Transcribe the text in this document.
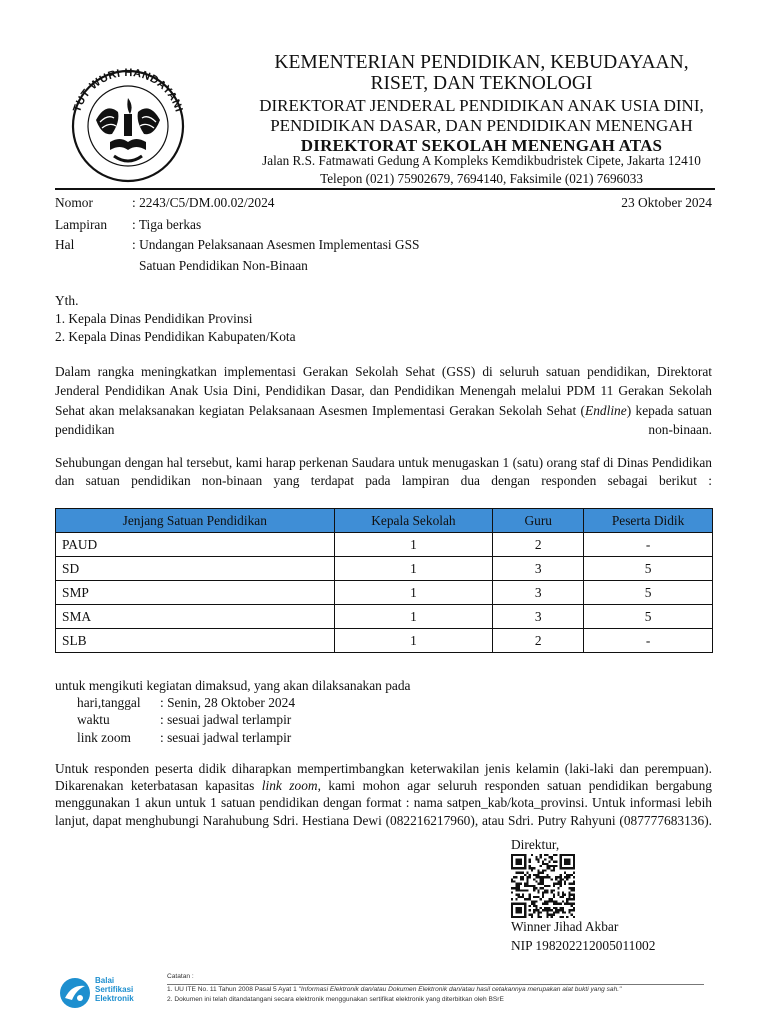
TUT WURI HANDAYANI
KEMENTERIAN PENDIDIKAN, KEBUDAYAAN,
RISET, DAN TEKNOLOGI
DIREKTORAT JENDERAL PENDIDIKAN ANAK USIA DINI,
PENDIDIKAN DASAR, DAN PENDIDIKAN MENENGAH
DIREKTORAT SEKOLAH MENENGAH ATAS
Jalan R.S. Fatmawati Gedung A Kompleks Kemdikbudristek Cipete, Jakarta 12410
Telepon (021) 75902679, 7694140, Faksimile (021) 7696033
Nomor	: 2243/C5/DM.00.02/2024	23 Oktober 2024
Lampiran : Tiga berkas
Hal	: Undangan Pelaksanaan Asesmen Implementasi GSS
Satuan Pendidikan Non-Binaan
Yth.
1. Kepala Dinas Pendidikan Provinsi
2. Kepala Dinas Pendidikan Kabupaten/Kota
Dalam rangka meningkatkan implementasi Gerakan Sekolah Sehat (GSS) di seluruh satuan pendidikan, Direktorat Jenderal Pendidikan Anak Usia Dini, Pendidikan Dasar, dan Pendidikan Menengah melalui PDM 11 Gerakan Sekolah Sehat akan melaksanakan kegiatan Pelaksanaan Asesmen Implementasi Gerakan Sekolah Sehat (Endline) kepada satuan pendidikan non-binaan.
Sehubungan dengan hal tersebut, kami harap perkenan Saudara untuk menugaskan 1 (satu) orang staf di Dinas Pendidikan dan satuan pendidikan non-binaan yang terdapat pada lampiran dua dengan responden sebagai berikut :
Jenjang Satuan Pendidikan	Kepala Sekolah	Guru	Peserta Didik
PAUD	1	2	-
SD	1	3	5
SMP	1	3	5
SMA	1	3	5
SLB	1	2	-
untuk mengikuti kegiatan dimaksud, yang akan dilaksanakan pada
hari,tanggal : Senin, 28 Oktober 2024
waktu	: sesuai jadwal terlampir
link zoom : sesuai jadwal terlampir
Untuk responden peserta didik diharapkan mempertimbangkan keterwakilan jenis kelamin (laki-laki dan perempuan). Dikarenakan keterbatasan kapasitas link zoom, kami mohon agar seluruh responden satuan pendidikan bergabung menggunakan 1 akun untuk 1 satuan pendidikan dengan format : nama satpen_kab/kota_provinsi. Untuk informasi lebih lanjut, dapat menghubungi Narahubung Sdri. Hestiana Dewi (082216217960), atau Sdri. Putry Rahyuni (087777683136).
Direktur,
Winner Jihad Akbar
NIP 198202212005011002
Balai
Sertifikasi
Elektronik
Catatan :
1. UU ITE No. 11 Tahun 2008 Pasal 5 Ayat 1 "Informasi Elektronik dan/atau Dokumen Elektronik dan/atau hasil cetakannya merupakan alat bukti yang sah."
2. Dokumen ini telah ditandatangani secara elektronik menggunakan sertifikat elektronik yang diterbitkan oleh BSrE
